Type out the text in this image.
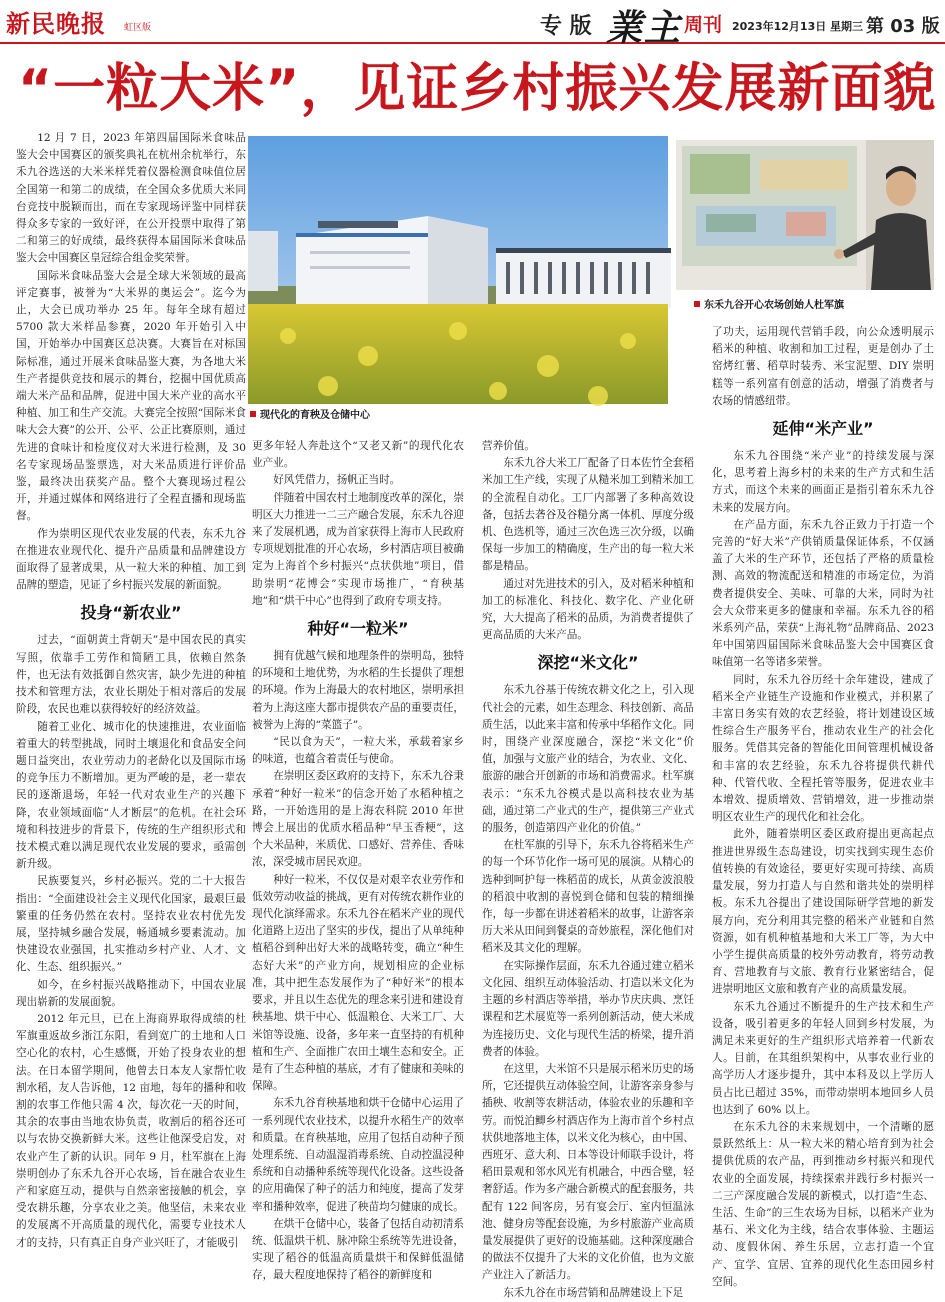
新民晚报 虹区版	专 版 業主 周刊 2023年12月13日 星期三 第 03 版
“一粒大米”，见证乡村振兴发展新面貌
现代化的育秧及仓储中心
东禾九谷开心农场创始人杜军旗

12 月 7 日，2023 年第四届国际米食味品鉴大会中国赛区的颁奖典礼在杭州余杭举行，东禾九谷选送的大米米样凭着仪器检测食味值位居全国第一和第二的成绩，在全国众多优质大米同台竞技中脱颖而出，而在专家现场评鉴中同样获得众多专家的一致好评，在公开投票中取得了第二和第三的好成绩，最终获得本届国际米食味品鉴大会中国赛区皇冠综合组金奖荣誉。

国际米食味品鉴大会是全球大米领域的最高评定赛事，被誉为“大米界的奥运会”。迄今为止，大会已成功举办 25 年。每年全球有超过 5700 款大米样品参赛，2020 年开始引入中国，开始举办中国赛区总决赛。大赛旨在对标国际标准，通过开展米食味品鉴大赛，为各地大米生产者提供竞技和展示的舞台，挖掘中国优质高端大米产品和品牌，促进中国大米产业的高水平种植、加工和生产交流。大赛完全按照“国际米食味大会大赛”的公开、公平、公正比赛原则，通过先进的食味计和检度仪对大米进行检测，及 30 名专家现场品鉴票选，对大米品质进行评价品鉴，最终决出获奖产品。整个大赛现场过程公开，并通过媒体和网络进行了全程直播和现场监督。

作为崇明区现代农业发展的代表，东禾九谷在推进农业现代化、提升产品质量和品牌建设方面取得了显著成果，从一粒大米的种植、加工到品牌的塑造，见证了乡村振兴发展的新面貌。

投身“新农业”

过去，“面朝黄土背朝天”是中国农民的真实写照，依靠手工劳作和简陋工具，依赖自然条件，也无法有效抵御自然灾害，缺少先进的种植技术和管理方法，农业长期处于相对落后的发展阶段，农民也难以获得较好的经济效益。

随着工业化、城市化的快速推进，农业面临着重大的转型挑战，同时土壤退化和食品安全问题日益突出，农业劳动力的老龄化以及国际市场的竞争压力不断增加。更为严峻的是，老一辈农民的逐渐退场，年轻一代对农业生产的兴趣下降，农业领域面临“人才断层”的危机。在社会环境和科技进步的背景下，传统的生产组织形式和技术模式难以满足现代农业发展的要求，亟需创新升级。

民族要复兴，乡村必振兴。党的二十大报告指出：“全面建设社会主义现代化国家，最艰巨最繁重的任务仍然在农村。坚持农业农村优先发展，坚持城乡融合发展，畅通城乡要素流动。加快建设农业强国，扎实推动乡村产业、人才、文化、生态、组织振兴。”

如今，在乡村振兴战略推动下，中国农业展现出崭新的发展面貌。

2012 年元旦，已在上海商界取得成绩的杜军旗重返故乡浙江东阳，看到宽广的土地和人口空心化的农村，心生感慨，开始了投身农业的想法。在日本留学期间，他曾去日本友人家帮忙收割水稻，友人告诉他，12 亩地，每年的播种和收割的农事工作他只需 4 次，每次花一天的时间，其余的农事由当地农协负责，收割后的稻谷还可以与农协交换新鲜大米。这些让他深受启发，对农业产生了新的认识。同年 9 月，杜军旗在上海崇明创办了东禾九谷开心农场，旨在融合农业生产和家庭互动，提供与自然亲密接触的机会，享受农耕乐趣，分享农业之美。他坚信，未来农业的发展离不开高质量的现代化，需要专业技术人才的支持，只有真正自身产业兴旺了，才能吸引

更多年轻人奔赴这个“又老又新”的现代化农业产业。

好风凭借力，扬帆正当时。

伴随着中国农村土地制度改革的深化，崇明区大力推进一二三产融合发展，东禾九谷迎来了发展机遇，成为首家获得上海市人民政府专项规划批准的开心农场，乡村酒店项目被确定为上海首个乡村振兴“点状供地”项目，借助崇明“花博会”实现市场推广，“育秧基地”和“烘干中心”也得到了政府专项支持。

种好“一粒米”

拥有优越气候和地理条件的崇明岛，独特的环境和土地优势，为水稻的生长提供了理想的环境。作为上海最大的农村地区，崇明承担着为上海这座大都市提供农产品的重要责任，被誉为上海的“菜篮子”。

“民以食为天”，一粒大米，承载着家乡的味道，也蕴含着责任与使命。

在崇明区委区政府的支持下，东禾九谷秉承着“种好一粒米”的信念开始了水稻种植之路，一开始选用的是上海农科院 2010 年世博会上展出的优质水稻品种“早玉香粳”，这个大米品种，米质优、口感好、营养佳、香味浓，深受城市居民欢迎。

种好一粒米，不仅仅是对艰辛农业劳作和低效劳动收益的挑战，更有对传统农耕作业的现代化演绎需求。东禾九谷在稻米产业的现代化道路上迈出了坚实的步伐，提出了从单纯种植稻谷到种出好大米的战略转变，确立“种生态好大米”的产业方向，规划相应的企业标准，其中把生态发展作为了“种好米”的根本要求，并且以生态优先的理念来引进和建设育秧基地、烘干中心、低温粮仓、大米工厂、大米馆等设施、设备，多年来一直坚持的有机种植和生产、全面推广农田土壤生态和安全。正是有了生态种植的基底，才有了健康和美味的保障。

东禾九谷育秧基地和烘干仓储中心运用了一系列现代农业技术，以提升水稻生产的效率和质量。在育秧基地，应用了包括自动种子预处理系统、自动温湿消毒系统、自动控温浸种系统和自动播种系统等现代化设备。这些设备的应用确保了种子的活力和纯度，提高了发芽率和播种效率，促进了秧苗均匀健康的成长。

在烘干仓储中心，装备了包括自动初清系统、低温烘干机、脉冲除尘系统等先进设备，实现了稻谷的低温高质量烘干和保鲜低温储存，最大程度地保持了稻谷的新鲜度和

营养价值。

东禾九谷大米工厂配备了日本佐竹全套稻米加工生产线，实现了从糙米加工到精米加工的全流程自动化。工厂内部署了多种高效设备，包括去砻谷及谷糙分离一体机、厚度分级机、色选机等，通过三次色选三次分级，以确保每一步加工的精确度，生产出的每一粒大米都是精品。

通过对先进技术的引入，及对稻米种植和加工的标准化、科技化、数字化、产业化研究，大大提高了稻米的品质，为消费者提供了更高品质的大米产品。

深挖“米文化”

东禾九谷基于传统农耕文化之上，引入现代社会的元素，如生态理念、科技创新、高品质生活，以此来丰富和传承中华稻作文化。同时，围绕产业深度融合，深挖“米文化”价值，加强与文旅产业的结合，为农业、文化、旅游的融合开创新的市场和消费需求。杜军旗表示：“东禾九谷模式是以高科技农业为基础，通过第二产业式的生产，提供第三产业式的服务，创造第四产业化的价值。”

在杜军旗的引导下，东禾九谷将稻米生产的每一个环节化作一场可见的展演。从精心的选种到呵护每一株稻苗的成长，从黄金波浪般的稻浪中收割的喜悦到仓储和包装的精细操作，每一步都在讲述着稻米的故事，让游客亲历大米从田间到餐桌的奇妙旅程，深化他们对稻米及其文化的理解。

在实际操作层面，东禾九谷通过建立稻米文化园、组织互动体验活动、打造以米文化为主题的乡村酒店等举措，举办节庆庆典、烹饪课程和艺术展览等一系列创新活动，使大米成为连接历史、文化与现代生活的桥梁，提升消费者的体验。

在这里，大米馆不只是展示稻米历史的场所，它还提供互动体验空间，让游客亲身参与插秧、收割等农耕活动，体验农业的乐趣和辛劳。而悦泊鲫乡村酒店作为上海市首个乡村点状供地落地主体，以米文化为核心，由中国、西班牙、意大利、日本等设计师联手设计，将稻田景观和邻水风光有机融合，中西合璧，轻奢舒适。作为多产融合新模式的配套服务，共配有 122 间客房，另有宴会厅、室内恒温泳池、健身房等配套设施，为乡村旅游产业高质量发展提供了更好的设施基础。这种深度融合的做法不仅提升了大米的文化价值，也为文旅产业注入了新活力。

东禾九谷在市场营销和品牌建设上下足

了功夫，运用现代营销手段，向公众透明展示稻米的种植、收割和加工过程，更是创办了土窑烤红薯、稻草时装秀、米宝泥塑、DIY 崇明糕等一系列富有创意的活动，增强了消费者与农场的情感纽带。

延伸“米产业”

东禾九谷围绕“米产业”的持续发展与深化，思考着上海乡村的未来的生产方式和生活方式，而这个未来的画面正是指引着东禾九谷未来的发展方向。

在产品方面，东禾九谷正致力于打造一个完善的“好大米”产供销质量保证体系，不仅涵盖了大米的生产环节，还包括了严格的质量检测、高效的物流配送和精准的市场定位，为消费者提供安全、美味、可靠的大米，同时为社会大众带来更多的健康和幸福。东禾九谷的稻米系列产品，荣获“上海礼物”品牌商品、2023 年中国第四届国际米食味品鉴大会中国赛区食味值第一名等诸多荣誉。

同时，东禾九谷历经十余年建设，建成了稻米全产业链生产设施和作业模式，并积累了丰富日务实有效的农艺经验，将计划建设区域性综合生产服务平台，推动农业生产的社会化服务。凭借其完备的智能化田间管理机械设备和丰富的农艺经验，东禾九谷将提供代耕代种、代管代收、全程托管等服务，促进农业丰本增效、提质增效、营销增效，进一步推动崇明区农业生产的现代化和社会化。

此外，随着崇明区委区政府提出更高起点推进世界级生态岛建设，切实找到实现生态价值转换的有效途径，要更好实现可持续、高质量发展，努力打造人与自然和谐共处的崇明样板。东禾九谷提出了建设国际研学营地的新发展方向，充分利用其完整的稻米产业链和自然资源，如有机种植基地和大米工厂等，为大中小学生提供高质量的校外劳动教育，将劳动教育、营地教育与文旅、教育行业紧密结合，促进崇明地区文旅和教育产业的高质量发展。

东禾九谷通过不断提升的生产技术和生产设备，吸引着更多的年轻人回到乡村发展，为满足未来更好的生产组织形式培养着一代新农人。目前，在其组织架构中，从事农业行业的高学历人才逐步提升，其中本科及以上学历人员占比已超过 35%，而带动崇明本地回乡人员也达到了 60% 以上。

在东禾九谷的未来规划中，一个清晰的愿景跃然纸上：从一粒大米的精心培育到为社会提供优质的农产品，再到推动乡村振兴和现代农业的全面发展，持续探索并践行乡村振兴一二三产深度融合发展的新模式，以打造“生态、生活、生命”的三生农场为目标，以稻米产业为基石、米文化为主线，结合农事体验、主题运动、度假休闲、养生乐居，立志打造一个宜产、宜学、宜居、宜养的现代化生态田园乡村空间。
